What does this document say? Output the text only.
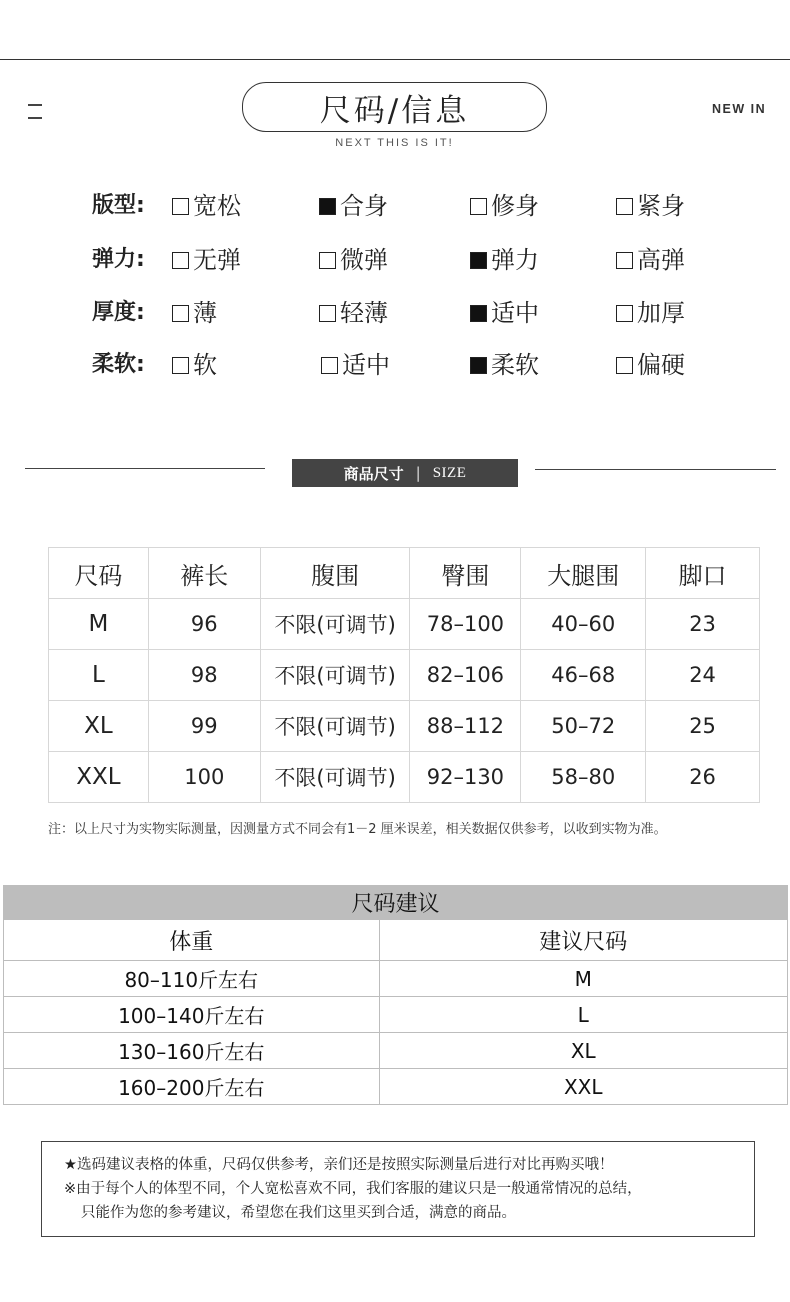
尺码/信息
NEXT THIS IS IT!
NEW IN
版型: 宽松	合身	修身	紧身
弹力: 无弹	微弹	弹力	高弹
厚度: 薄	轻薄	适中	加厚
柔软: 软	适中	柔软	偏硬
商品尺寸 | SIZE
尺码	裤长	腹围	臀围	大腿围	脚口
M	96	不限(可调节)	78–100	40–60	23
L	98	不限(可调节)	82–106	46–68	24
XL	99	不限(可调节)	88–112	50–72	25
XXL	100	不限(可调节)	92–130	58–80	26
注：以上尺寸为实物实际测量，因测量方式不同会有1－2 厘米误差，相关数据仅供参考，以收到实物为准。
尺码建议	
体重	建议尺码
80–110斤左右	M
100–140斤左右	L
130–160斤左右	XL
160–200斤左右	XXL
★选码建议表格的体重，尺码仅供参考，亲们还是按照实际测量后进行对比再购买哦！
※由于每个人的体型不同，个人宽松喜欢不同，我们客服的建议只是一般通常情况的总结，
只能作为您的参考建议，希望您在我们这里买到合适，满意的商品。
